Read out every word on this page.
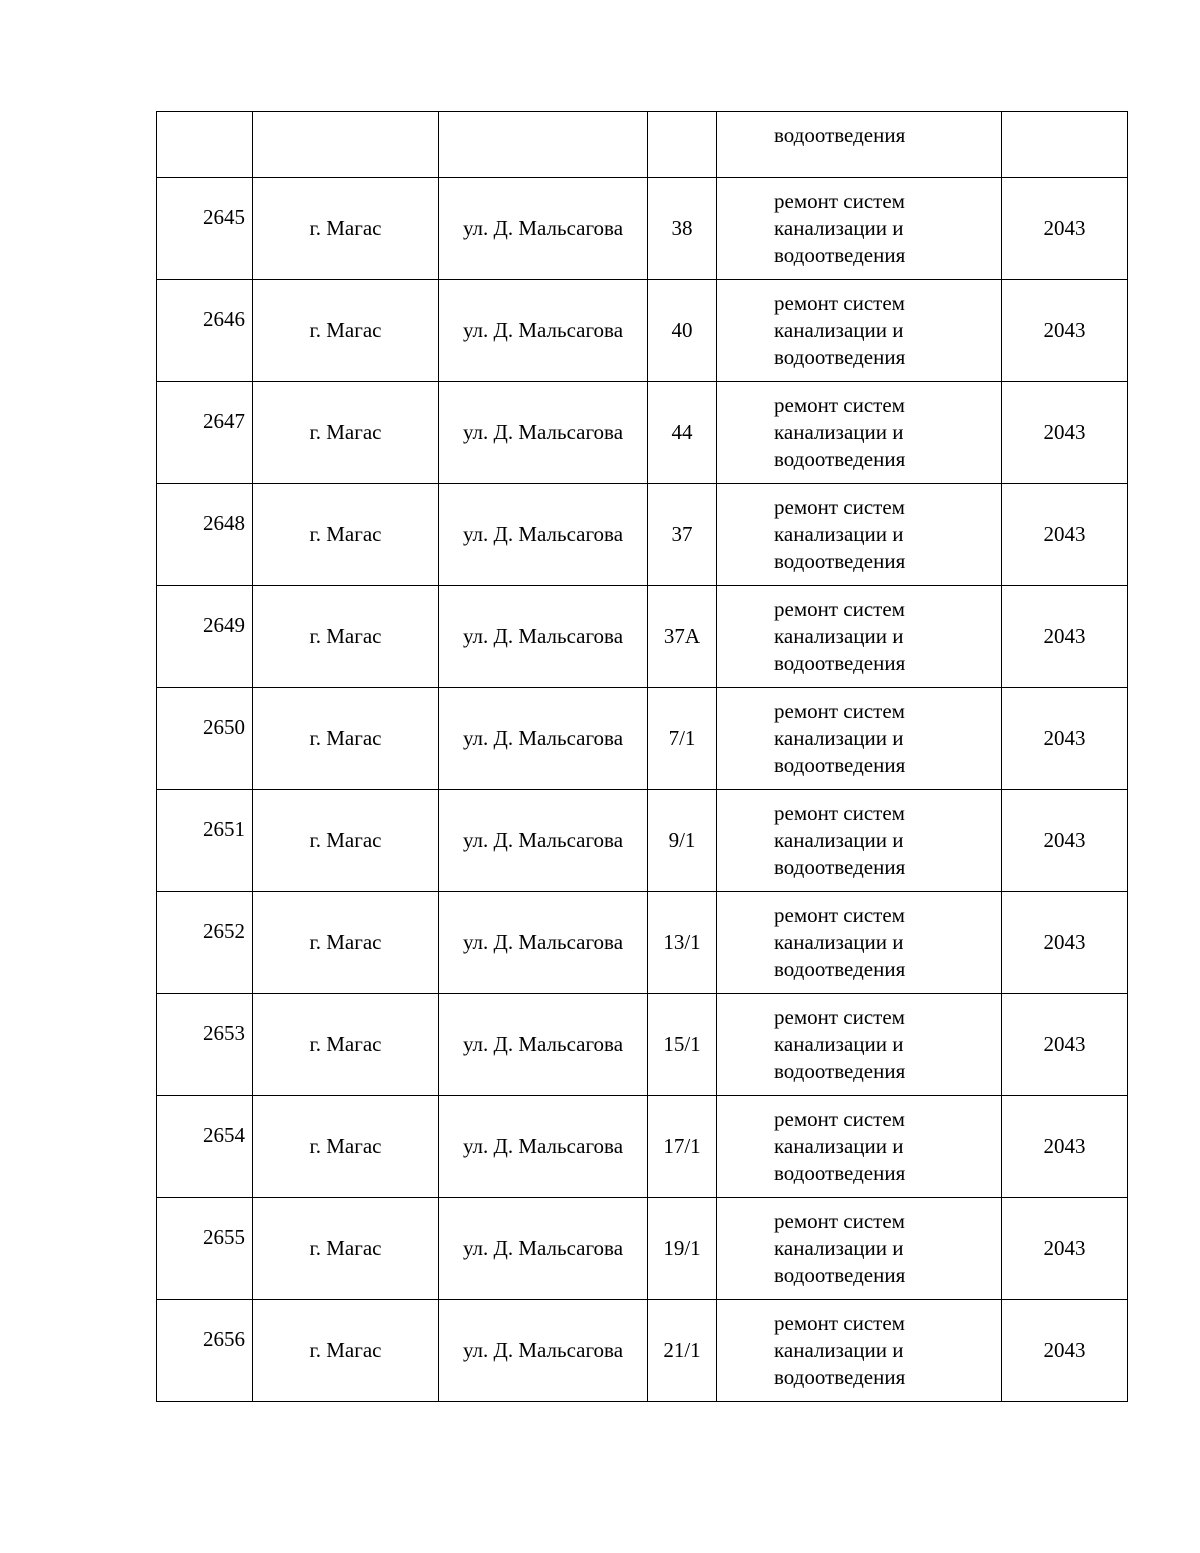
				водоотведения	

2645	г. Магас	ул. Д. Мальсагова	38	ремонт систем канализации и водоотведения	2043

2646	г. Магас	ул. Д. Мальсагова	40	ремонт систем канализации и водоотведения	2043

2647	г. Магас	ул. Д. Мальсагова	44	ремонт систем канализации и водоотведения	2043

2648	г. Магас	ул. Д. Мальсагова	37	ремонт систем канализации и водоотведения	2043

2649	г. Магас	ул. Д. Мальсагова	37А	ремонт систем канализации и водоотведения	2043

2650	г. Магас	ул. Д. Мальсагова	7/1	ремонт систем канализации и водоотведения	2043

2651	г. Магас	ул. Д. Мальсагова	9/1	ремонт систем канализации и водоотведения	2043

2652	г. Магас	ул. Д. Мальсагова	13/1	ремонт систем канализации и водоотведения	2043

2653	г. Магас	ул. Д. Мальсагова	15/1	ремонт систем канализации и водоотведения	2043

2654	г. Магас	ул. Д. Мальсагова	17/1	ремонт систем канализации и водоотведения	2043

2655	г. Магас	ул. Д. Мальсагова	19/1	ремонт систем канализации и водоотведения	2043

2656	г. Магас	ул. Д. Мальсагова	21/1	ремонт систем канализации и водоотведения	2043
